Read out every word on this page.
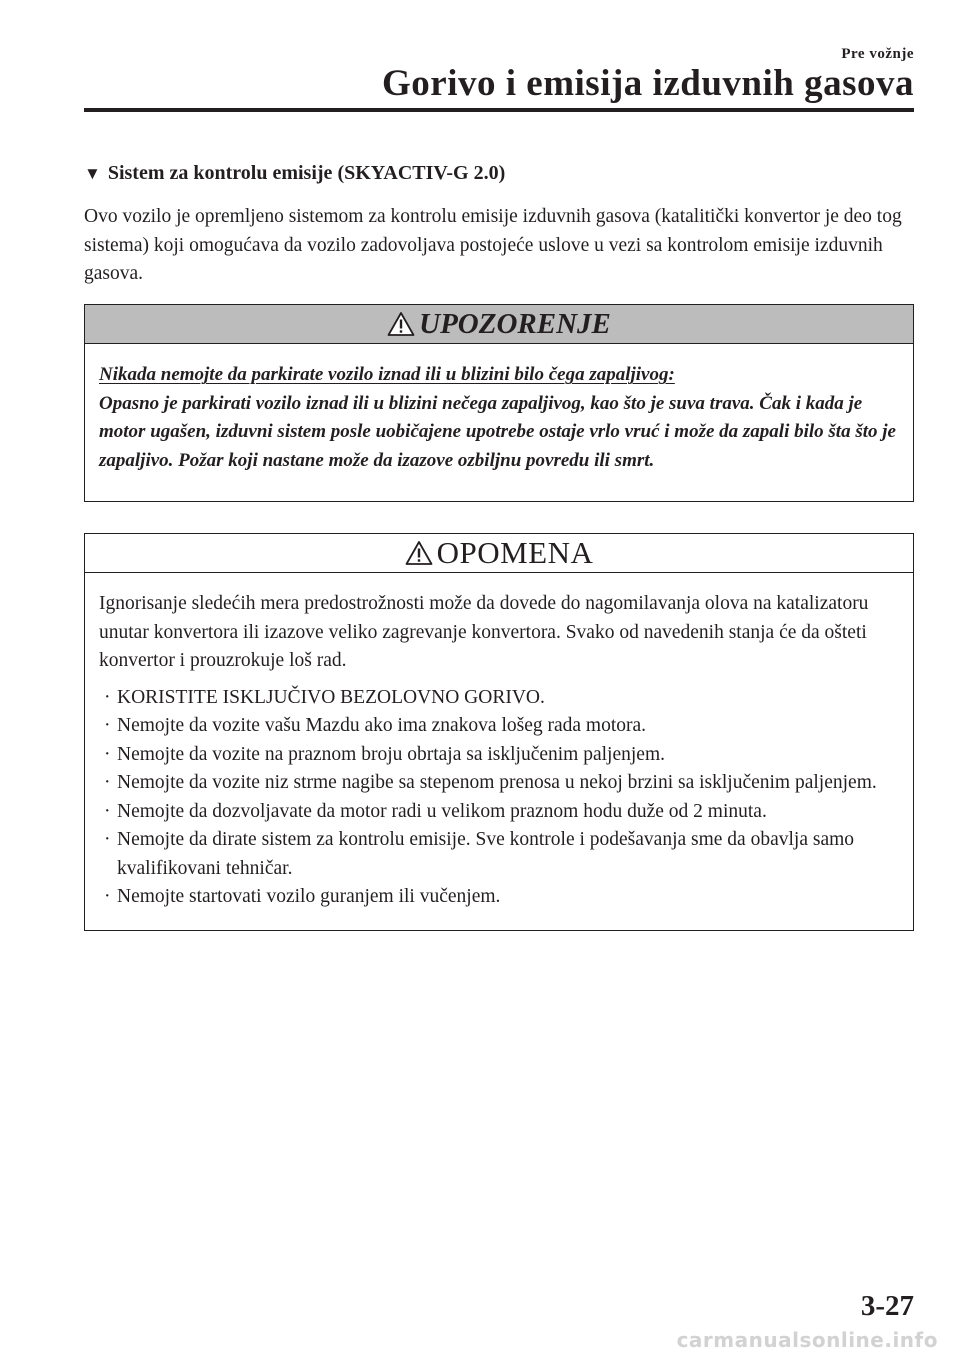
Pre vožnje
Gorivo i emisija izduvnih gasova
▼ Sistem za kontrolu emisije (SKYACTIV-G 2.0)
Ovo vozilo je opremljeno sistemom za kontrolu emisije izduvnih gasova (katalitički konvertor je deo tog sistema) koji omogućava da vozilo zadovoljava postojeće uslove u vezi sa kontrolom emisije izduvnih gasova.
UPOZORENJE
Nikada nemojte da parkirate vozilo iznad ili u blizini bilo čega zapaljivog:
Opasno je parkirati vozilo iznad ili u blizini nečega zapaljivog, kao što je suva trava. Čak i kada je motor ugašen, izduvni sistem posle uobičajene upotrebe ostaje vrlo vruć i može da zapali bilo šta što je zapaljivo. Požar koji nastane može da izazove ozbiljnu povredu ili smrt.
OPOMENA
Ignorisanje sledećih mera predostrožnosti može da dovede do nagomilavanja olova na katalizatoru unutar konvertora ili izazove veliko zagrevanje konvertora. Svako od navedenih stanja će da ošteti konvertor i prouzrokuje loš rad.
· KORISTITE ISKLJUČIVO BEZOLOVNO GORIVO.
· Nemojte da vozite vašu Mazdu ako ima znakova lošeg rada motora.
· Nemojte da vozite na praznom broju obrtaja sa isključenim paljenjem.
· Nemojte da vozite niz strme nagibe sa stepenom prenosa u nekoj brzini sa isključenim paljenjem.
· Nemojte da dozvoljavate da motor radi u velikom praznom hodu duže od 2 minuta.
· Nemojte da dirate sistem za kontrolu emisije. Sve kontrole i podešavanja sme da obavlja samo kvalifikovani tehničar.
· Nemojte startovati vozilo guranjem ili vučenjem.
3-27
carmanualsonline.info
